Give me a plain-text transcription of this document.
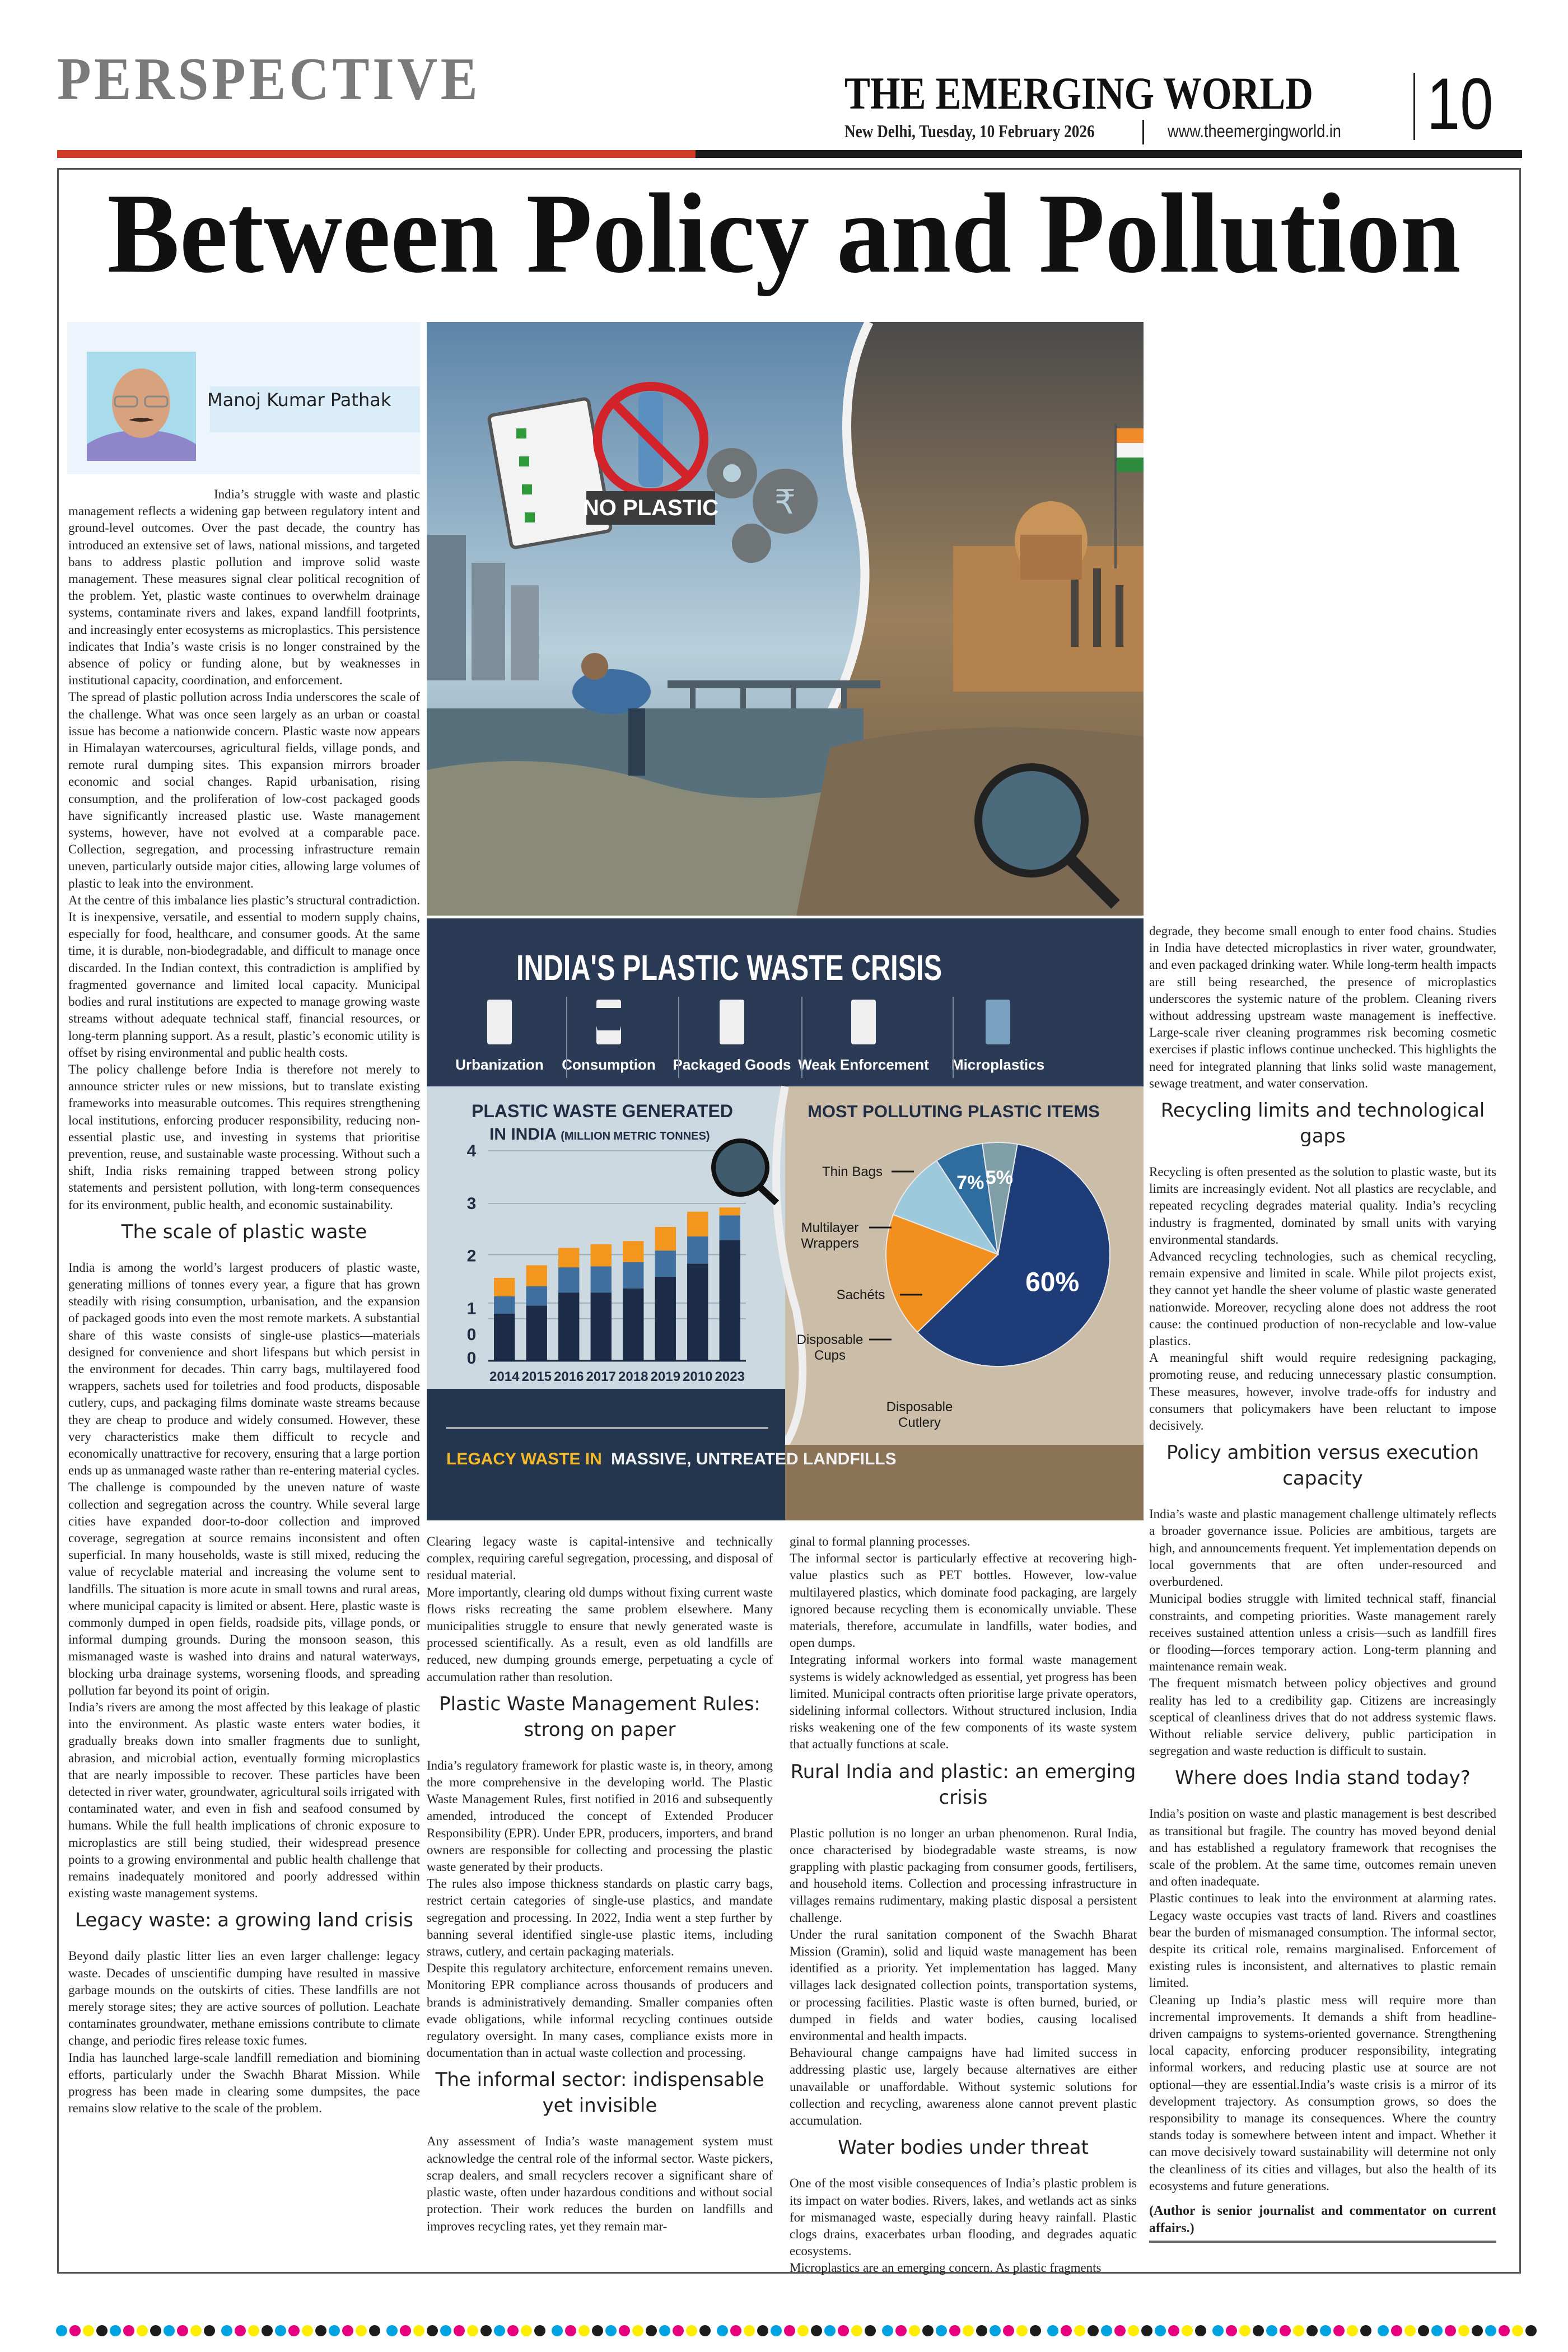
PERSPECTIVE	THE EMERGING WORLD
New Delhi, Tuesday, 10 February 2026	www.theemergingworld.in 10
Between Policy and Pollution
Manoj Kumar Pathak
NO PLASTIC ₹
INDIA'S PLASTIC WASTE CRISIS
Urbanization Consumption Packaged Goods Weak Enforcement Microplastics
PLASTIC WASTE GENERATED
IN INDIA (MILLION METRIC TONNES)
4
3
2
1
0
0
2014 2015 2016 2017 2018 2019 2010 2023
MOST POLLUTING PLASTIC ITEMS
60%
7% 5%
Thin Bags
Multilayer Wrappers
Sachéts
Disposable Cups
Disposable Cutlery
LEGACY WASTE IN MASSIVE, UNTREATED LANDFILLS

India’s struggle with waste and plastic management reflects a widening gap between regulatory intent and ground-level outcomes. Over the past decade, the country has introduced an extensive set of laws, national missions, and targeted bans to address plastic pollution and improve solid waste management. These measures signal clear political recognition of the problem. Yet, plastic waste continues to overwhelm drainage systems, contaminate rivers and lakes, expand landfill footprints, and increasingly enter ecosystems as microplastics. This persistence indicates that India’s waste crisis is no longer constrained by the absence of policy or funding alone, but by weaknesses in institutional capacity, coordination, and enforcement.

The spread of plastic pollution across India underscores the scale of the challenge. What was once seen largely as an urban or coastal issue has become a nationwide concern. Plastic waste now appears in Himalayan watercourses, agricultural fields, village ponds, and remote rural dumping sites. This expansion mirrors broader economic and social changes. Rapid urbanisation, rising consumption, and the proliferation of low-cost packaged goods have significantly increased plastic use. Waste management systems, however, have not evolved at a comparable pace. Collection, segregation, and processing infrastructure remain uneven, particularly outside major cities, allowing large volumes of plastic to leak into the environment.

At the centre of this imbalance lies plastic’s structural contradiction. It is inexpensive, versatile, and essential to modern supply chains, especially for food, healthcare, and consumer goods. At the same time, it is durable, non-biodegradable, and difficult to manage once discarded. In the Indian context, this contradiction is amplified by fragmented governance and limited local capacity. Municipal bodies and rural institutions are expected to manage growing waste streams without adequate technical staff, financial resources, or long-term planning support. As a result, plastic’s economic utility is offset by rising environmental and public health costs.

The policy challenge before India is therefore not merely to announce stricter rules or new missions, but to translate existing frameworks into measurable outcomes. This requires strengthening local institutions, enforcing producer responsibility, reducing non-essential plastic use, and investing in systems that prioritise prevention, reuse, and sustainable waste processing. Without such a shift, India risks remaining trapped between strong policy statements and persistent pollution, with long-term consequences for its environment, public health, and economic sustainability.

The scale of plastic waste

India is among the world’s largest producers of plastic waste, generating millions of tonnes every year, a figure that has grown steadily with rising consumption, urbanisation, and the expansion of packaged goods into even the most remote markets. A substantial share of this waste consists of single-use plastics—materials designed for convenience and short lifespans but which persist in the environment for decades. Thin carry bags, multilayered food wrappers, sachets used for toiletries and food products, disposable cutlery, cups, and packaging films dominate waste streams because they are cheap to produce and widely consumed. However, these very characteristics make them difficult to recycle and economically unattractive for recovery, ensuring that a large portion ends up as unmanaged waste rather than re-entering material cycles.

The challenge is compounded by the uneven nature of waste collection and segregation across the country. While several large cities have expanded door-to-door collection and improved coverage, segregation at source remains inconsistent and often superficial. In many households, waste is still mixed, reducing the value of recyclable material and increasing the volume sent to landfills. The situation is more acute in small towns and rural areas, where municipal capacity is limited or absent. Here, plastic waste is commonly dumped in open fields, roadside pits, village ponds, or informal dumping grounds. During the monsoon season, this mismanaged waste is washed into drains and natural waterways, blocking urba drainage systems, worsening floods, and spreading pollution far beyond its point of origin.

India’s rivers are among the most affected by this leakage of plastic into the environment. As plastic waste enters water bodies, it gradually breaks down into smaller fragments due to sunlight, abrasion, and microbial action, eventually forming microplastics that are nearly impossible to recover. These particles have been detected in river water, groundwater, agricultural soils irrigated with contaminated water, and even in fish and seafood consumed by humans. While the full health implications of chronic exposure to microplastics are still being studied, their widespread presence points to a growing environmental and public health challenge that remains inadequately monitored and poorly addressed within existing waste management systems.

Legacy waste: a growing land crisis

Beyond daily plastic litter lies an even larger challenge: legacy waste. Decades of unscientific dumping have resulted in massive garbage mounds on the outskirts of cities. These landfills are not merely storage sites; they are active sources of pollution. Leachate contaminates groundwater, methane emissions contribute to climate change, and periodic fires release toxic fumes.

India has launched large-scale landfill remediation and biomining efforts, particularly under the Swachh Bharat Mission. While progress has been made in clearing some dumpsites, the pace remains slow relative to the scale of the problem.

Clearing legacy waste is capital-intensive and technically complex, requiring careful segregation, processing, and disposal of residual material.

More importantly, clearing old dumps without fixing current waste flows risks recreating the same problem elsewhere. Many municipalities struggle to ensure that newly generated waste is processed scientifically. As a result, even as old landfills are reduced, new dumping grounds emerge, perpetuating a cycle of accumulation rather than resolution.

Plastic Waste Management Rules: strong on paper

India’s regulatory framework for plastic waste is, in theory, among the more comprehensive in the developing world. The Plastic Waste Management Rules, first notified in 2016 and subsequently amended, introduced the concept of Extended Producer Responsibility (EPR). Under EPR, producers, importers, and brand owners are responsible for collecting and processing the plastic waste generated by their products.

The rules also impose thickness standards on plastic carry bags, restrict certain categories of single-use plastics, and mandate segregation and processing. In 2022, India went a step further by banning several identified single-use plastic items, including straws, cutlery, and certain packaging materials.

Despite this regulatory architecture, enforcement remains uneven. Monitoring EPR compliance across thousands of producers and brands is administratively demanding. Smaller companies often evade obligations, while informal recycling continues outside regulatory oversight. In many cases, compliance exists more in documentation than in actual waste collection and processing.

The informal sector: indispensable yet invisible

Any assessment of India’s waste management system must acknowledge the central role of the informal sector. Waste pickers, scrap dealers, and small recyclers recover a significant share of plastic waste, often under hazardous conditions and without social protection. Their work reduces the burden on landfills and improves recycling rates, yet they remain mar-

ginal to formal planning processes.

The informal sector is particularly effective at recovering high-value plastics such as PET bottles. However, low-value multilayered plastics, which dominate food packaging, are largely ignored because recycling them is economically unviable. These materials, therefore, accumulate in landfills, water bodies, and open dumps.

Integrating informal workers into formal waste management systems is widely acknowledged as essential, yet progress has been limited. Municipal contracts often prioritise large private operators, sidelining informal collectors. Without structured inclusion, India risks weakening one of the few components of its waste system that actually functions at scale.

Rural India and plastic: an emerging crisis

Plastic pollution is no longer an urban phenomenon. Rural India, once characterised by biodegradable waste streams, is now grappling with plastic packaging from consumer goods, fertilisers, and household items. Collection and processing infrastructure in villages remains rudimentary, making plastic disposal a persistent challenge.

Under the rural sanitation component of the Swachh Bharat Mission (Gramin), solid and liquid waste management has been identified as a priority. Yet implementation has lagged. Many villages lack designated collection points, transportation systems, or processing facilities. Plastic waste is often burned, buried, or dumped in fields and water bodies, causing localised environmental and health impacts.

Behavioural change campaigns have had limited success in addressing plastic use, largely because alternatives are either unavailable or unaffordable. Without systemic solutions for collection and recycling, awareness alone cannot prevent plastic accumulation.

Water bodies under threat

One of the most visible consequences of India’s plastic problem is its impact on water bodies. Rivers, lakes, and wetlands act as sinks for mismanaged waste, especially during heavy rainfall. Plastic clogs drains, exacerbates urban flooding, and degrades aquatic ecosystems.

Microplastics are an emerging concern. As plastic fragments

degrade, they become small enough to enter food chains. Studies in India have detected microplastics in river water, groundwater, and even packaged drinking water. While long-term health impacts are still being researched, the presence of microplastics underscores the systemic nature of the problem. Cleaning rivers without addressing upstream waste management is ineffective. Large-scale river cleaning programmes risk becoming cosmetic exercises if plastic inflows continue unchecked. This highlights the need for integrated planning that links solid waste management, sewage treatment, and water conservation.

Recycling limits and technological gaps

Recycling is often presented as the solution to plastic waste, but its limits are increasingly evident. Not all plastics are recyclable, and repeated recycling degrades material quality. India’s recycling industry is fragmented, dominated by small units with varying environmental standards.

Advanced recycling technologies, such as chemical recycling, remain expensive and limited in scale. While pilot projects exist, they cannot yet handle the sheer volume of plastic waste generated nationwide. Moreover, recycling alone does not address the root cause: the continued production of non-recyclable and low-value plastics.

A meaningful shift would require redesigning packaging, promoting reuse, and reducing unnecessary plastic consumption. These measures, however, involve trade-offs for industry and consumers that policymakers have been reluctant to impose decisively.

Policy ambition versus execution capacity

India’s waste and plastic management challenge ultimately reflects a broader governance issue. Policies are ambitious, targets are high, and announcements frequent. Yet implementation depends on local governments that are often under-resourced and overburdened.

Municipal bodies struggle with limited technical staff, financial constraints, and competing priorities. Waste management rarely receives sustained attention unless a crisis—such as landfill fires or flooding—forces temporary action. Long-term planning and maintenance remain weak.

The frequent mismatch between policy objectives and ground reality has led to a credibility gap. Citizens are increasingly sceptical of cleanliness drives that do not address systemic flaws. Without reliable service delivery, public participation in segregation and waste reduction is difficult to sustain.

Where does India stand today?

India’s position on waste and plastic management is best described as transitional but fragile. The country has moved beyond denial and has established a regulatory framework that recognises the scale of the problem. At the same time, outcomes remain uneven and often inadequate.

Plastic continues to leak into the environment at alarming rates. Legacy waste occupies vast tracts of land. Rivers and coastlines bear the burden of mismanaged consumption. The informal sector, despite its critical role, remains marginalised. Enforcement of existing rules is inconsistent, and alternatives to plastic remain limited.

Cleaning up India’s plastic mess will require more than incremental improvements. It demands a shift from headline-driven campaigns to systems-oriented governance. Strengthening local capacity, enforcing producer responsibility, integrating informal workers, and reducing plastic use at source are not optional—they are essential.India’s waste crisis is a mirror of its development trajectory. As consumption grows, so does the responsibility to manage its consequences. Where the country stands today is somewhere between intent and impact. Whether it can move decisively toward sustainability will determine not only the cleanliness of its cities and villages, but also the health of its ecosystems and future generations.

(Author is senior journalist and commentator on current affairs.)
